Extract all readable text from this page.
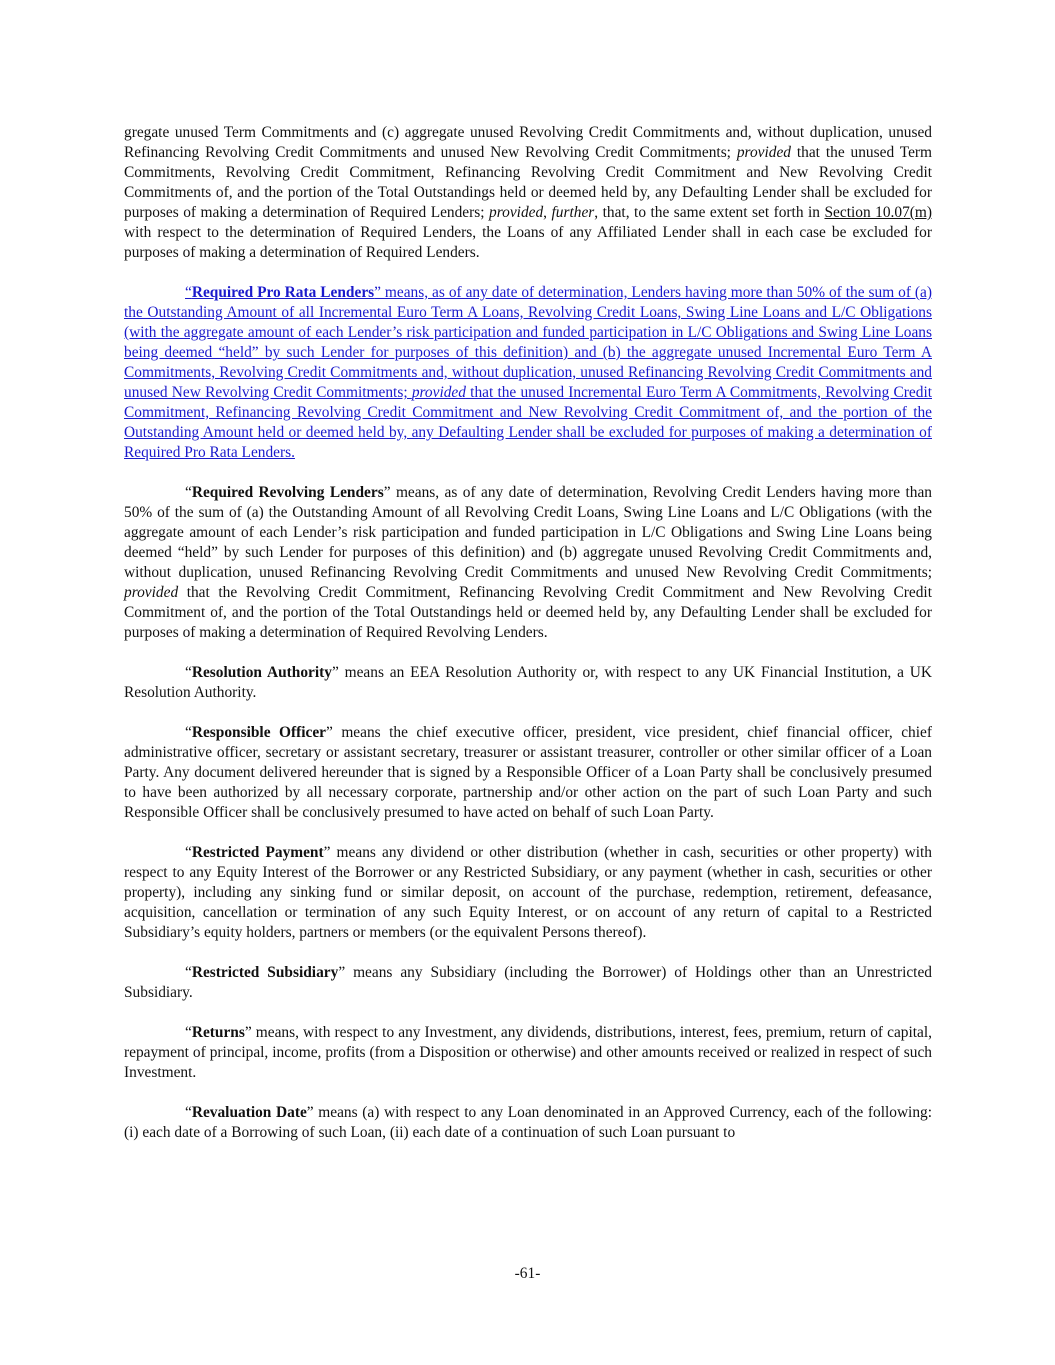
gregate unused Term Commitments and (c) aggregate unused Revolving Credit Commitments and, without duplication, unused Refinancing Revolving Credit Commitments and unused New Revolving Credit Commitments; provided that the unused Term Commitments, Revolving Credit Commitment, Refinancing Revolving Credit Commitment and New Revolving Credit Commitments of, and the portion of the Total Outstandings held or deemed held by, any Defaulting Lender shall be excluded for purposes of making a determination of Required Lenders; provided, further, that, to the same extent set forth in Section 10.07(m) with respect to the determination of Required Lenders, the Loans of any Affiliated Lender shall in each case be excluded for purposes of making a determination of Required Lenders.

“Required Pro Rata Lenders” means, as of any date of determination, Lenders having more than 50% of the sum of (a) the Outstanding Amount of all Incremental Euro Term A Loans, Revolving Credit Loans, Swing Line Loans and L/C Obligations (with the aggregate amount of each Lender’s risk participation and funded participation in L/C Obligations and Swing Line Loans being deemed “held” by such Lender for purposes of this definition) and (b) the aggregate unused Incremental Euro Term A Commitments, Revolving Credit Commitments and, without duplication, unused Refinancing Revolving Credit Commitments and unused New Revolving Credit Commitments; provided that the unused Incremental Euro Term A Commitments, Revolving Credit Commitment, Refinancing Revolving Credit Commitment and New Revolving Credit Commitment of, and the portion of the Outstanding Amount held or deemed held by, any Defaulting Lender shall be excluded for purposes of making a determination of Required Pro Rata Lenders.

“Required Revolving Lenders” means, as of any date of determination, Revolving Credit Lenders having more than 50% of the sum of (a) the Outstanding Amount of all Revolving Credit Loans, Swing Line Loans and L/C Obligations (with the aggregate amount of each Lender’s risk participation and funded participation in L/C Obligations and Swing Line Loans being deemed “held” by such Lender for purposes of this definition) and (b) aggregate unused Revolving Credit Commitments and, without duplication, unused Refinancing Revolving Credit Commitments and unused New Revolving Credit Commitments; provided that the Revolving Credit Commitment, Refinancing Revolving Credit Commitment and New Revolving Credit Commitment of, and the portion of the Total Outstandings held or deemed held by, any Defaulting Lender shall be excluded for purposes of making a determination of Required Revolving Lenders.

“Resolution Authority” means an EEA Resolution Authority or, with respect to any UK Financial Institution, a UK Resolution Authority.

“Responsible Officer” means the chief executive officer, president, vice president, chief financial officer, chief administrative officer, secretary or assistant secretary, treasurer or assistant treasurer, controller or other similar officer of a Loan Party. Any document delivered hereunder that is signed by a Responsible Officer of a Loan Party shall be conclusively presumed to have been authorized by all necessary corporate, partnership and/or other action on the part of such Loan Party and such Responsible Officer shall be conclusively presumed to have acted on behalf of such Loan Party.

“Restricted Payment” means any dividend or other distribution (whether in cash, securities or other property) with respect to any Equity Interest of the Borrower or any Restricted Subsidiary, or any payment (whether in cash, securities or other property), including any sinking fund or similar deposit, on account of the purchase, redemption, retirement, defeasance, acquisition, cancellation or termination of any such Equity Interest, or on account of any return of capital to a Restricted Subsidiary’s equity holders, partners or members (or the equivalent Persons thereof).

“Restricted Subsidiary” means any Subsidiary (including the Borrower) of Holdings other than an Unrestricted Subsidiary.

“Returns” means, with respect to any Investment, any dividends, distributions, interest, fees, premium, return of capital, repayment of principal, income, profits (from a Disposition or otherwise) and other amounts received or realized in respect of such Investment.

“Revaluation Date” means (a) with respect to any Loan denominated in an Approved Currency, each of the following: (i) each date of a Borrowing of such Loan, (ii) each date of a continuation of such Loan pursuant to

-61-
